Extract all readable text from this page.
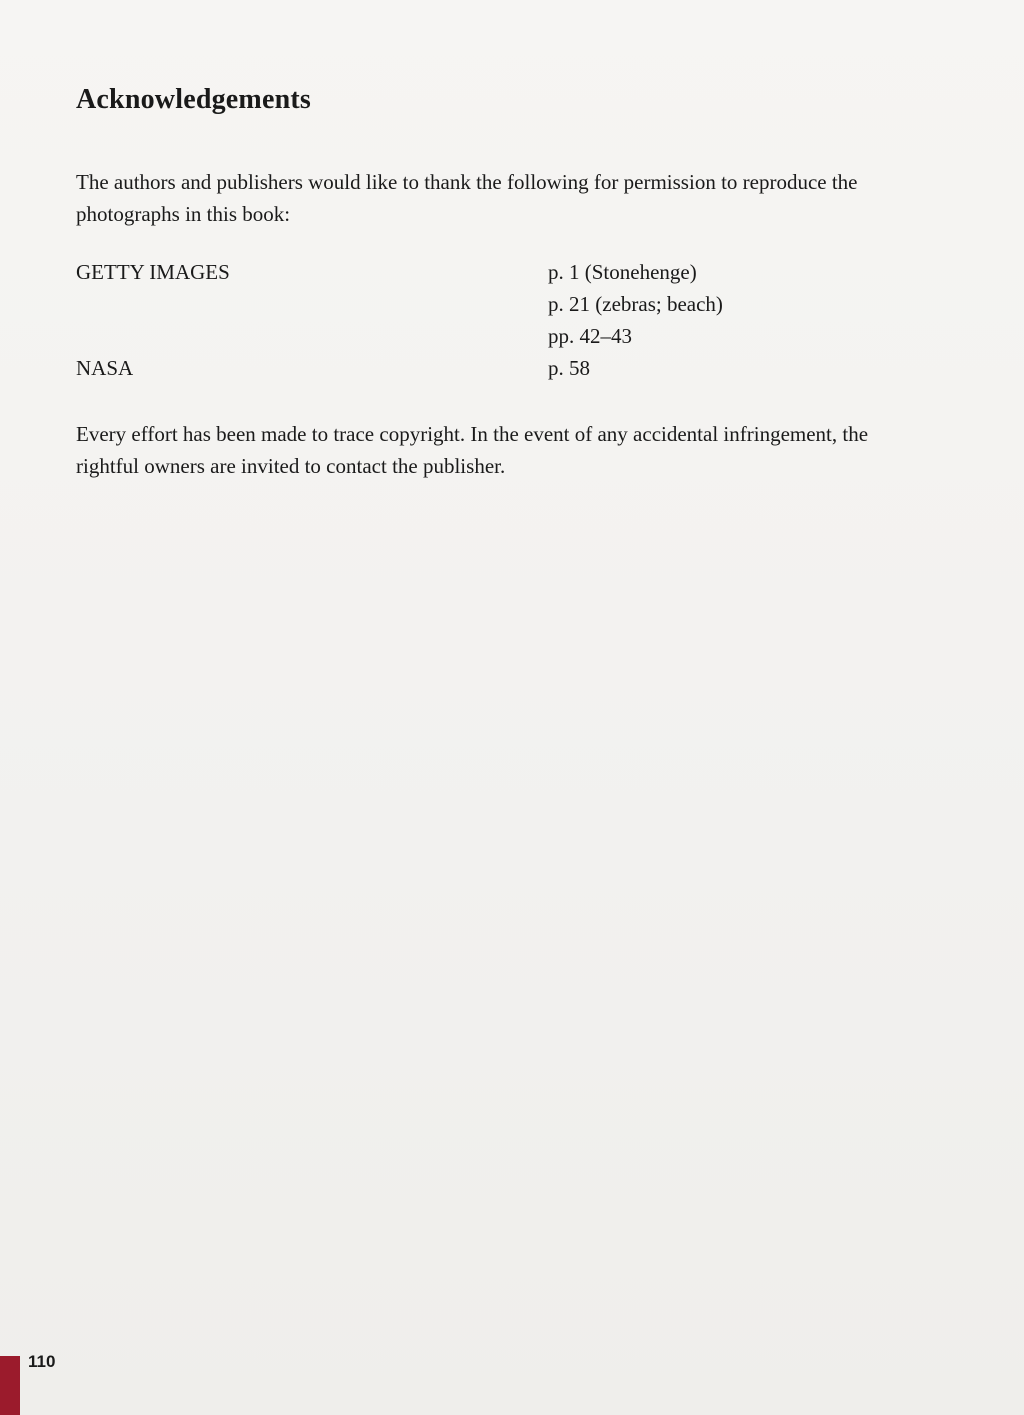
Acknowledgements

The authors and publishers would like to thank the following for permission to reproduce the photographs in this book:

GETTY IMAGES	p. 1 (Stonehenge)
p. 21 (zebras; beach)
pp. 42–43
NASA	p. 58

Every effort has been made to trace copyright. In the event of any accidental infringement, the rightful owners are invited to contact the publisher.

110
